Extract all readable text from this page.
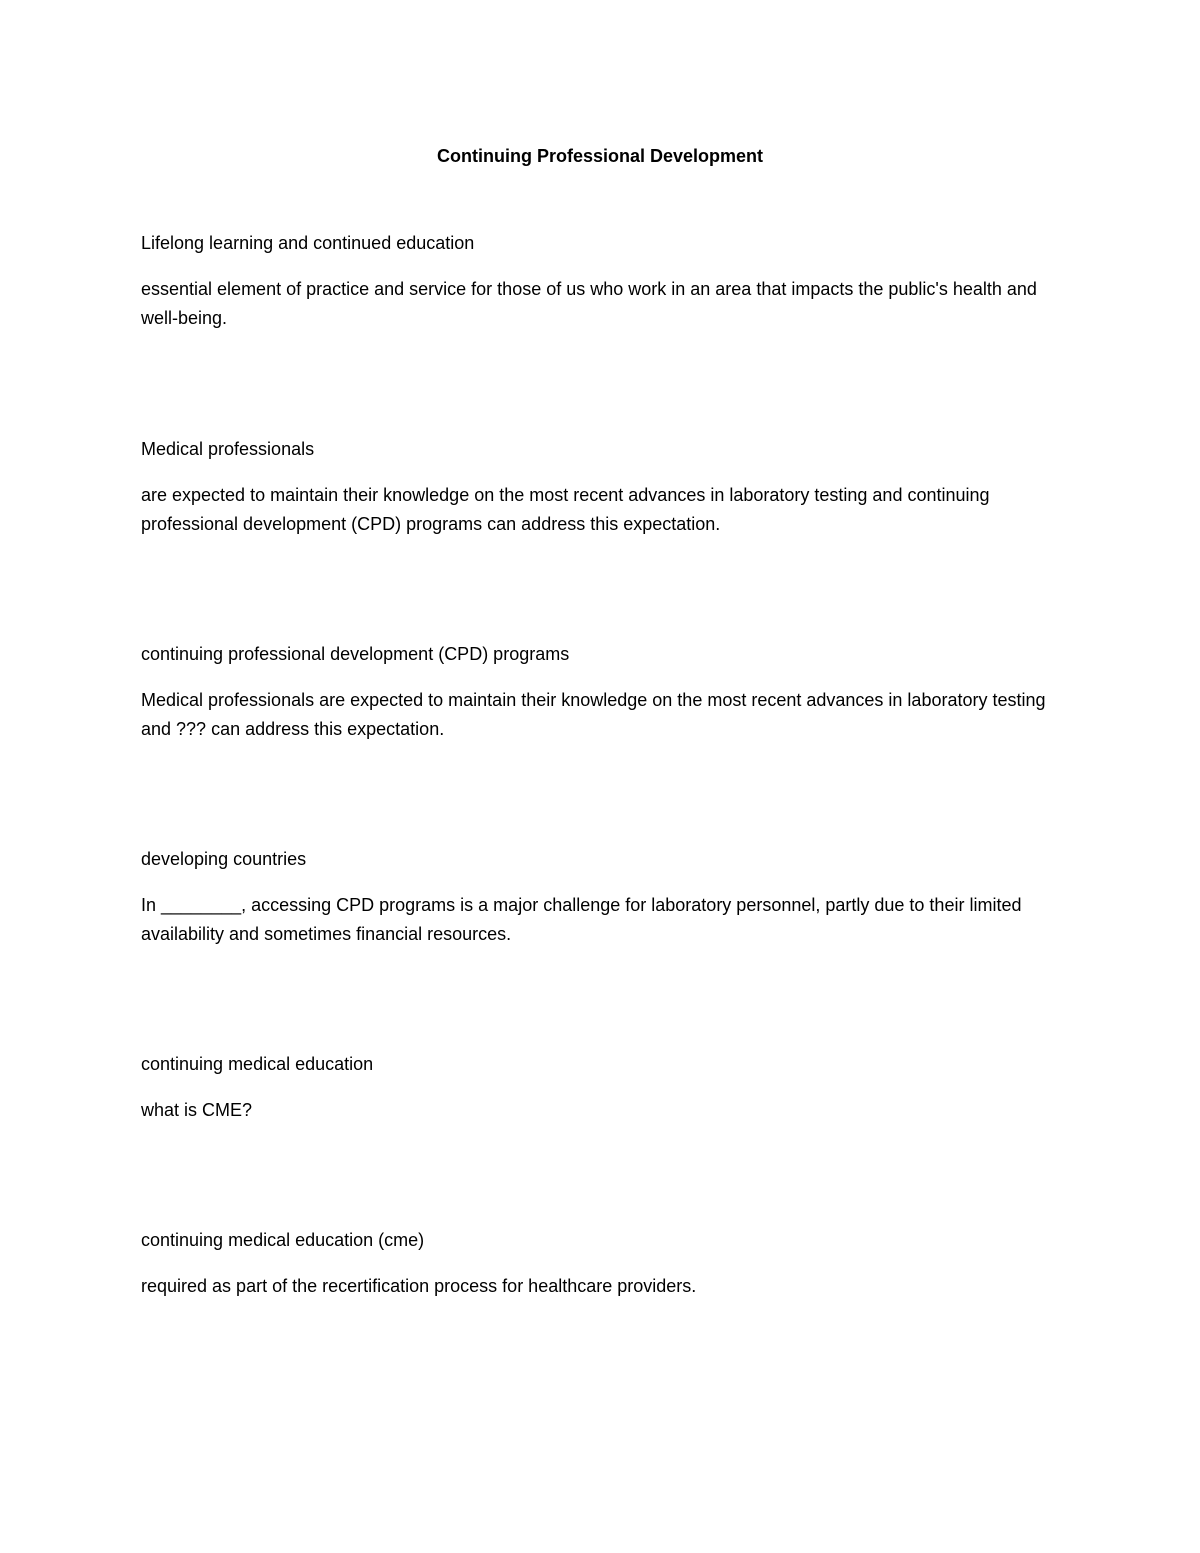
Continuing Professional Development

Lifelong learning and continued education

essential element of practice and service for those of us who work in an area that impacts the public's health and well-being.

Medical professionals

are expected to maintain their knowledge on the most recent advances in laboratory testing and continuing professional development (CPD) programs can address this expectation.

continuing professional development (CPD) programs

Medical professionals are expected to maintain their knowledge on the most recent advances in laboratory testing and ??? can address this expectation.

developing countries

In ________, accessing CPD programs is a major challenge for laboratory personnel, partly due to their limited availability and sometimes financial resources.

continuing medical education

what is CME?

continuing medical education (cme)

required as part of the recertification process for healthcare providers.
